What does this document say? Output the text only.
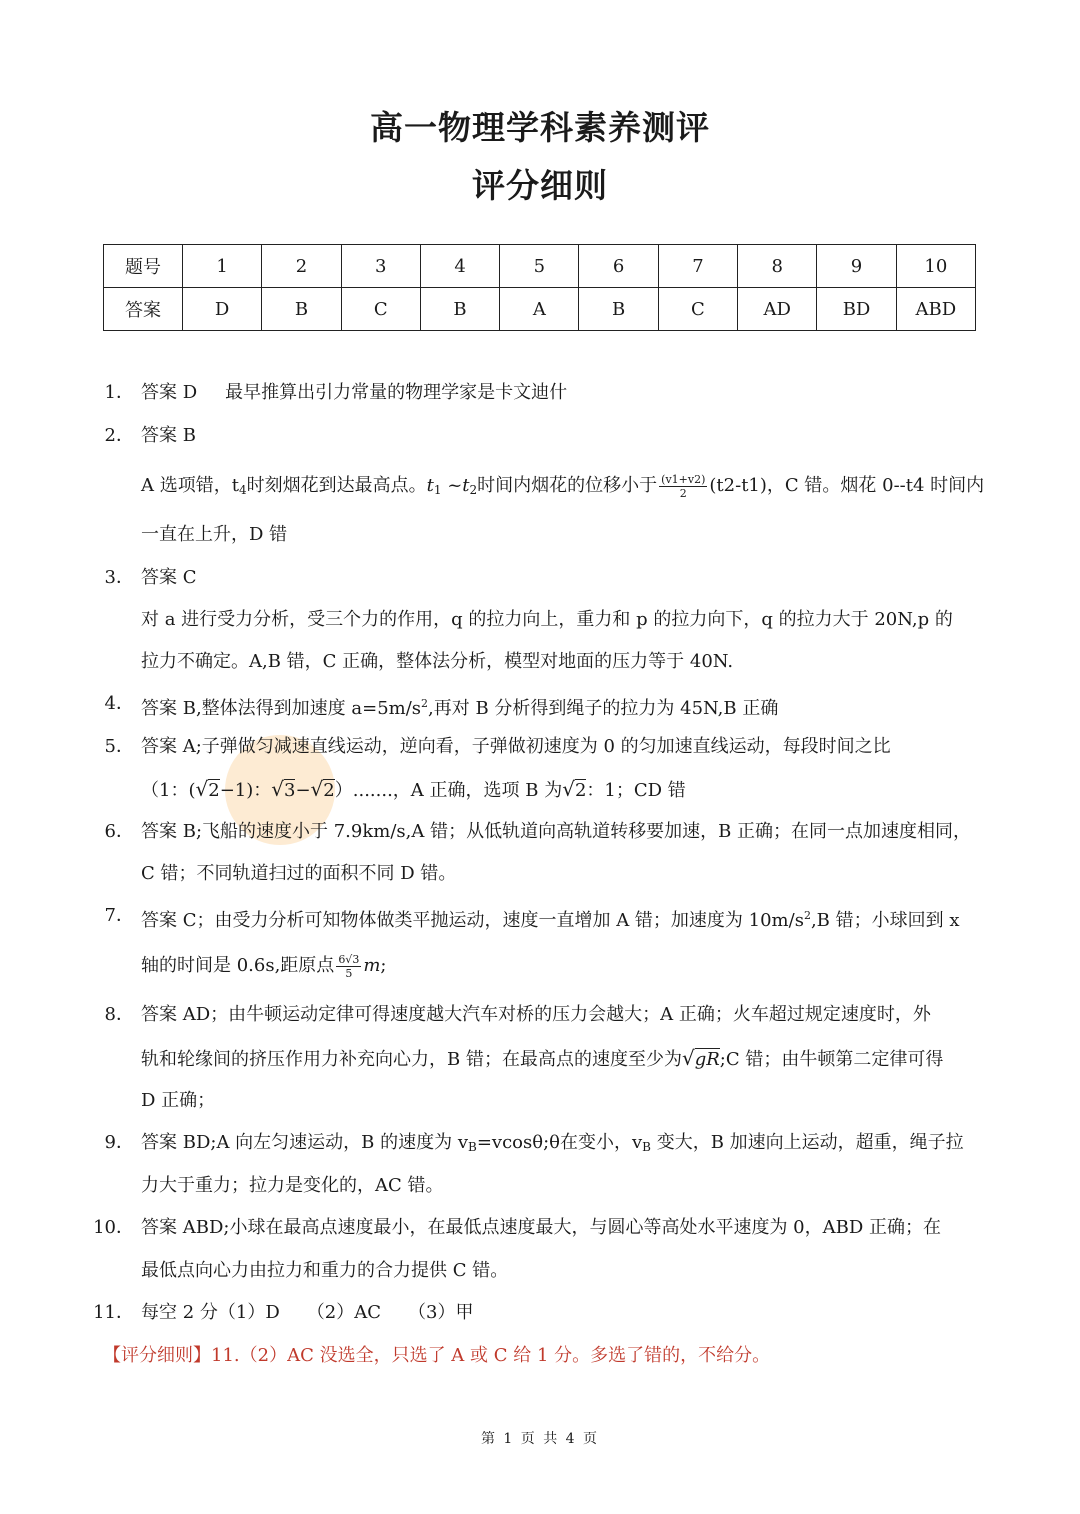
高一物理学科素养测评
评分细则
题号	1	2	3	4	5	6	7	8	9	10
答案	D	B	C	B	A	B	C	AD	BD	ABD
1． 答案 D 最早推算出引力常量的物理学家是卡文迪什
2． 答案 B
A 选项错，$t_4$时刻烟花到达最高点。$t_1$ $\sim t_2$时间内烟花的位移小于 $\frac{(v1+v2)}{2} (t2-t1)$，C 错。烟花 0--t4 时间内
一直在上升，D 错
3． 答案 C
对 a 进行受力分析，受三个力的作用，q 的拉力向上，重力和 p 的拉力向下，q 的拉力大于 20N,p 的
拉力不确定。A,B 错，C 正确，整体法分析，模型对地面的压力等于 40N.
4． 答案 B,整体法得到加速度 $a=5m/s^2$,再对 B 分析得到绳子的拉力为 45N,B 正确
5． 答案 A;子弹做匀减速直线运动，逆向看，子弹做初速度为 0 的匀加速直线运动，每段时间之比
（1：(√2−1)：√3−√2）.......，A 正确，选项 B 为√2：1；CD 错
6． 答案 B;飞船的速度小于 7.9km/s,A 错；从低轨道向高轨道转移要加速，B 正确；在同一点加速度相同，
C 错；不同轨道扫过的面积不同 D 错。
7． 答案 C；由受力分析可知物体做类平抛运动，速度一直增加 A 错；加速度为 $10m/s^2,B$ 错；小球回到 x
轴的时间是 0.6s,距原点 $\frac{6√3}{5} m$;
8． 答案 AD；由牛顿运动定律可得速度越大汽车对桥的压力会越大；A 正确；火车超过规定速度时，外
轨和轮缘间的挤压作用力补充向心力，B 错；在最高点的速度至少为√gR;C 错；由牛顿第二定律可得
D 正确；
9． 答案 BD;A 向左匀速运动，B 的速度为 $v_B=vcos\theta;\theta$在变小，$v_B$ 变大，B 加速向上运动，超重，绳子拉
力大于重力；拉力是变化的，AC 错。
10． 答案 ABD;小球在最高点速度最小，在最低点速度最大，与圆心等高处水平速度为 0，ABD 正确；在
最低点向心力由拉力和重力的合力提供 C 错。
11． 每空 2 分（1）D　　（2）AC　　（3）甲
【评分细则】11.（2）AC 没选全，只选了 A 或 C 给 1 分。多选了错的，不给分。
第 1 页 共 4 页
